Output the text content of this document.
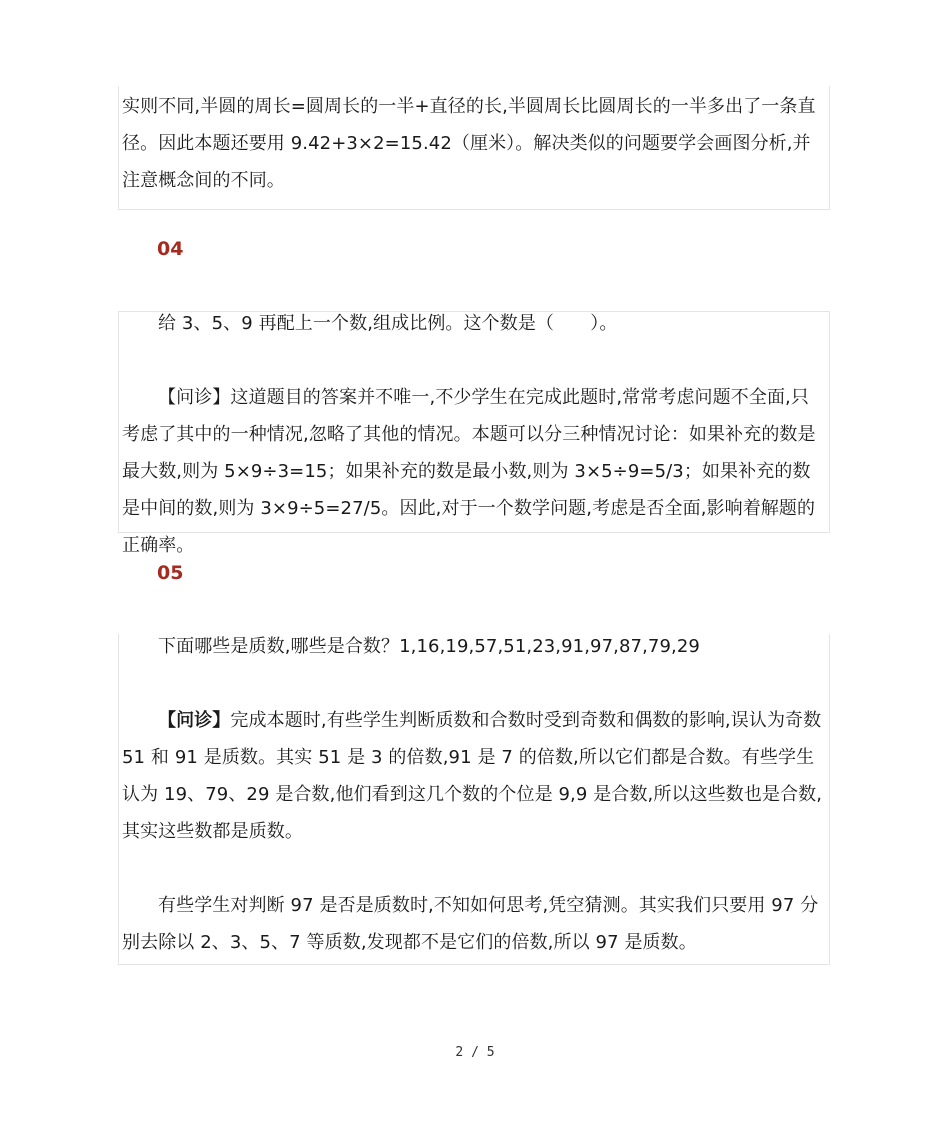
实则不同,半圆的周长=圆周长的一半+直径的长,半圆周长比圆周长的一半多出了一条直径。因此本题还要用 9.42+3×2=15.42（厘米）。解决类似的问题要学会画图分析,并注意概念间的不同。

04

给 3、5、9 再配上一个数,组成比例。这个数是（　　）。

【问诊】这道题目的答案并不唯一,不少学生在完成此题时,常常考虑问题不全面,只考虑了其中的一种情况,忽略了其他的情况。本题可以分三种情况讨论：如果补充的数是最大数,则为 5×9÷3=15；如果补充的数是最小数,则为 3×5÷9=5/3；如果补充的数是中间的数,则为 3×9÷5=27/5。因此,对于一个数学问题,考虑是否全面,影响着解题的正确率。

05

下面哪些是质数,哪些是合数？1,16,19,57,51,23,91,97,87,79,29

【问诊】完成本题时,有些学生判断质数和合数时受到奇数和偶数的影响,误认为奇数 51 和 91 是质数。其实 51 是 3 的倍数,91 是 7 的倍数,所以它们都是合数。有些学生认为 19、79、29 是合数,他们看到这几个数的个位是 9,9 是合数,所以这些数也是合数,其实这些数都是质数。

有些学生对判断 97 是否是质数时,不知如何思考,凭空猜测。其实我们只要用 97 分别去除以 2、3、5、7 等质数,发现都不是它们的倍数,所以 97 是质数。

2 / 5
